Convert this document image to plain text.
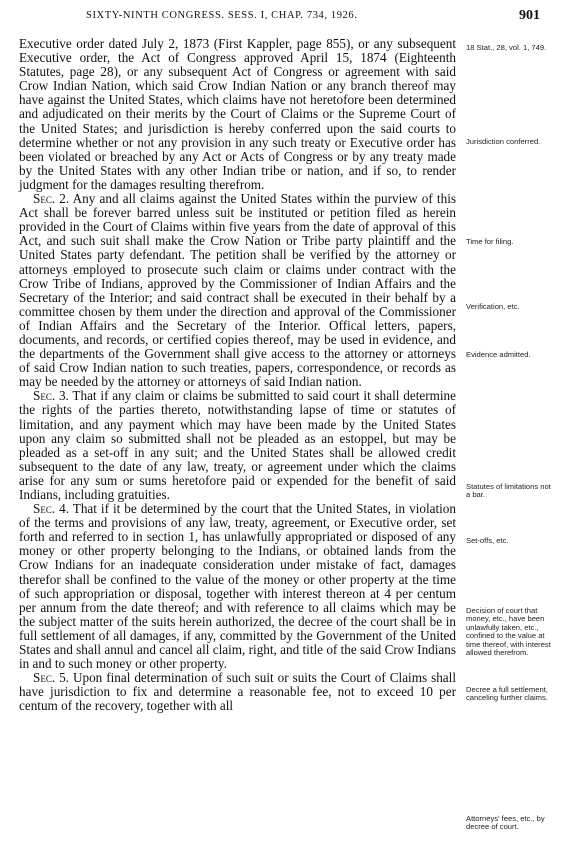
SIXTY-NINTH CONGRESS. SESS. I, CHAP. 734, 1926.	901

Executive order dated July 2, 1873 (First Kappler, page 855), or any subsequent Executive order, the Act of Congress approved April 15, 1874 (Eighteenth Statutes, page 28), or any subsequent Act of Congress or agreement with said Crow Indian Nation, which said Crow Indian Nation or any branch thereof may have against the United States, which claims have not heretofore been determined and adjudicated on their merits by the Court of Claims or the Supreme Court of the United States; and jurisdiction is hereby conferred upon the said courts to determine whether or not any provision in any such treaty or Executive order has been violated or breached by any Act or Acts of Congress or by any treaty made by the United States with any other Indian tribe or nation, and if so, to render judgment for the damages resulting therefrom.

Sec. 2. Any and all claims against the United States within the purview of this Act shall be forever barred unless suit be instituted or petition filed as herein provided in the Court of Claims within five years from the date of approval of this Act, and such suit shall make the Crow Nation or Tribe party plaintiff and the United States party defendant. The petition shall be verified by the attorney or attorneys employed to prosecute such claim or claims under contract with the Crow Tribe of Indians, approved by the Commissioner of Indian Affairs and the Secretary of the Interior; and said contract shall be executed in their behalf by a committee chosen by them under the direction and approval of the Commissioner of Indian Affairs and the Secretary of the Interior. Offical letters, papers, documents, and records, or certified copies thereof, may be used in evidence, and the departments of the Government shall give access to the attorney or attorneys of said Crow Indian nation to such treaties, papers, correspondence, or records as may be needed by the attorney or attorneys of said Indian nation.

Sec. 3. That if any claim or claims be submitted to said court it shall determine the rights of the parties thereto, notwithstanding lapse of time or statutes of limitation, and any payment which may have been made by the United States upon any claim so submitted shall not be pleaded as an estoppel, but may be pleaded as a set-off in any suit; and the United States shall be allowed credit subsequent to the date of any law, treaty, or agreement under which the claims arise for any sum or sums heretofore paid or expended for the benefit of said Indians, including gratuities.

Sec. 4. That if it be determined by the court that the United States, in violation of the terms and provisions of any law, treaty, agreement, or Executive order, set forth and referred to in section 1, has unlawfully appropriated or disposed of any money or other property belonging to the Indians, or obtained lands from the Crow Indians for an inadequate consideration under mistake of fact, damages therefor shall be confined to the value of the money or other property at the time of such appropriation or disposal, together with interest thereon at 4 per centum per annum from the date thereof; and with reference to all claims which may be the subject matter of the suits herein authorized, the decree of the court shall be in full settlement of all damages, if any, committed by the Government of the United States and shall annul and cancel all claim, right, and title of the said Crow Indians in and to such money or other property.

Sec. 5. Upon final determination of such suit or suits the Court of Claims shall have jurisdiction to fix and determine a reasonable fee, not to exceed 10 per centum of the recovery, together with all

18 Stat., 28, vol. 1, 749.
Jurisdiction conferred.
Time for filing.
Verification, etc.
Evidence admitted.
Statutes of limitations not a bar.
Set-offs, etc.
Decision of court that money, etc., have been unlawfully taken, etc., confined to the value at time thereof, with interest allowed therefrom.
Decree a full settlement, canceling further claims.
Attorneys' fees, etc., by decree of court.
